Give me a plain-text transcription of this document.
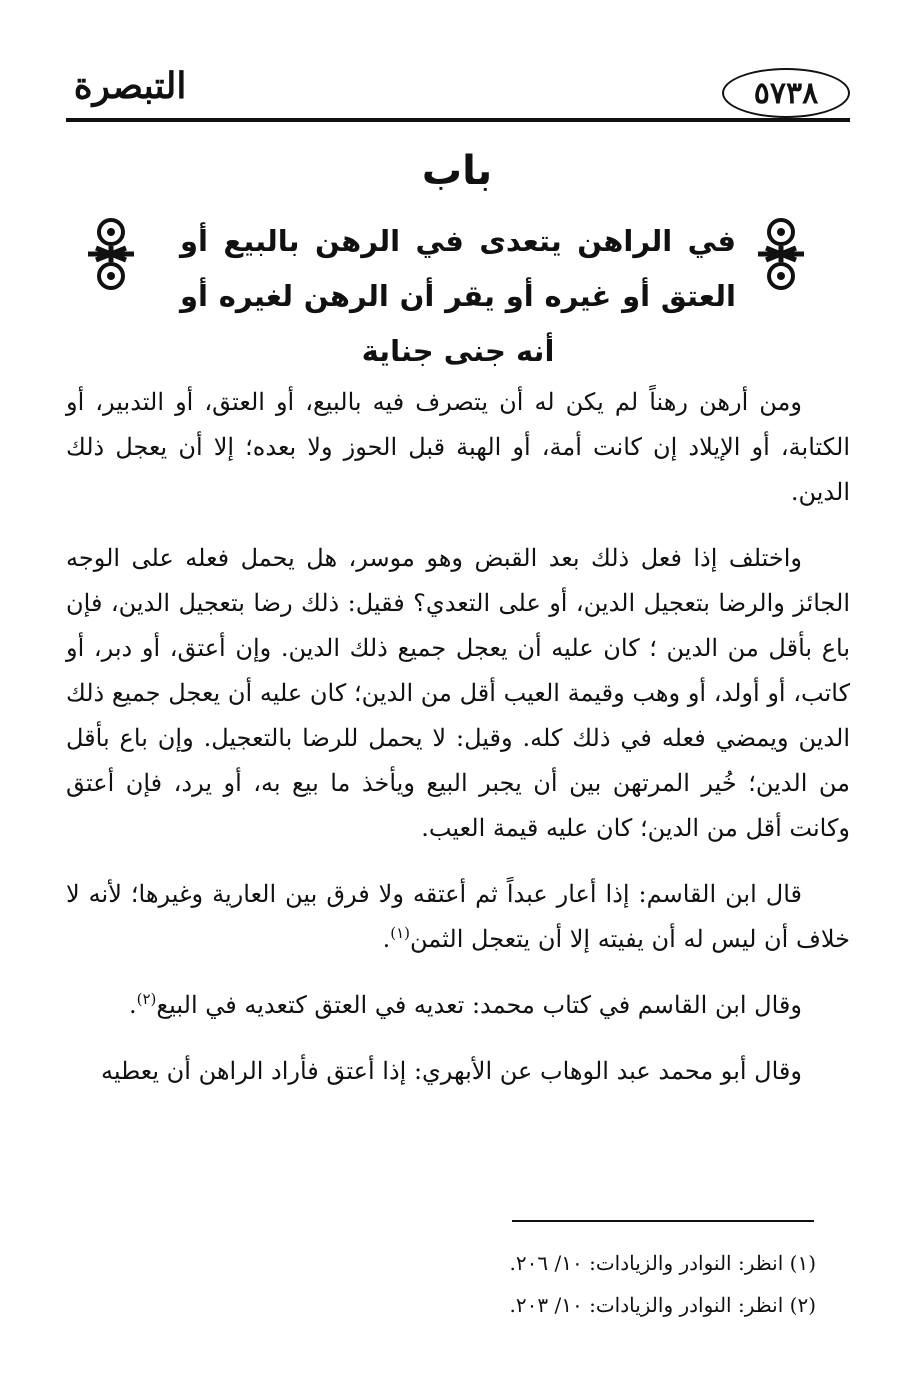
التبصرة	٥٧٣٨
باب
في الراهن يتعدى في الرهن بالبيع أو العتق أو غيره أو يقر أن الرهن لغيره أو أنه جنى جناية

ومن أرهن رهناً لم يكن له أن يتصرف فيه بالبيع، أو العتق، أو التدبير، أو الكتابة، أو الإيلاد إن كانت أمة، أو الهبة قبل الحوز ولا بعده؛ إلا أن يعجل ذلك الدين.

واختلف إذا فعل ذلك بعد القبض وهو موسر، هل يحمل فعله على الوجه الجائز والرضا بتعجيل الدين، أو على التعدي؟ فقيل: ذلك رضا بتعجيل الدين، فإن باع بأقل من الدين ؛ كان عليه أن يعجل جميع ذلك الدين. وإن أعتق، أو دبر، أو كاتب، أو أولد، أو وهب وقيمة العيب أقل من الدين؛ كان عليه أن يعجل جميع ذلك الدين ويمضي فعله في ذلك كله. وقيل: لا يحمل للرضا بالتعجيل. وإن باع بأقل من الدين؛ خُير المرتهن بين أن يجبر البيع ويأخذ ما بيع به، أو يرد، فإن أعتق وكانت أقل من الدين؛ كان عليه قيمة العيب.

قال ابن القاسم: إذا أعار عبداً ثم أعتقه ولا فرق بين العارية وغيرها؛ لأنه لا خلاف أن ليس له أن يفيته إلا أن يتعجل الثمن$^{(١)}$.

وقال ابن القاسم في كتاب محمد: تعديه في العتق كتعديه في البيع$^{(٢)}$.

وقال أبو محمد عبد الوهاب عن الأبهري: إذا أعتق فأراد الراهن أن يعطيه

(١) انظر: النوادر والزيادات: ١٠/ ٢٠٦.
(٢) انظر: النوادر والزيادات: ١٠/ ٢٠٣.
